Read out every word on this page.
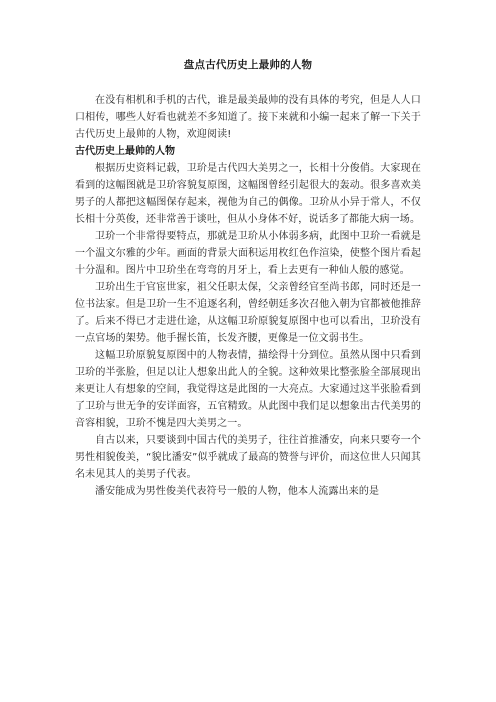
盘点古代历史上最帅的人物

在没有相机和手机的古代，谁是最美最帅的没有具体的考究，但是人人口口相传，哪些人好看也就差不多知道了。接下来就和小编一起来了解一下关于古代历史上最帅的人物，欢迎阅读!

古代历史上最帅的人物

根据历史资料记载，卫玠是古代四大美男之一，长相十分俊俏。大家现在看到的这幅图就是卫玠容貌复原图，这幅图曾经引起很大的轰动。很多喜欢美男子的人都把这幅图保存起来，视他为自己的偶像。卫玠从小异于常人，不仅长相十分英俊，还非常善于谈吐，但从小身体不好，说话多了都能大病一场。

卫玠一个非常得要特点，那就是卫玠从小体弱多病，此图中卫玠一看就是一个温文尔雅的少年。画面的背景大面积运用枚红色作渲染，使整个图片看起十分温和。图片中卫玠坐在弯弯的月牙上，看上去更有一种仙人般的感觉。

卫玠出生于官宦世家，祖父任职太保，父亲曾经官至尚书郎，同时还是一位书法家。但是卫玠一生不追逐名利，曾经朝廷多次召他入朝为官都被他推辞了。后来不得已才走进仕途，从这幅卫玠原貌复原图中也可以看出，卫玠没有一点官场的架势。他手握长笛，长发齐腰，更像是一位文弱书生。

这幅卫玠原貌复原图中的人物表情，描绘得十分到位。虽然从图中只看到卫玠的半张脸，但足以让人想象出此人的全貌。这种效果比整张脸全部展现出来更让人有想象的空间，我觉得这是此图的一大亮点。大家通过这半张脸看到了卫玠与世无争的安详面容，五官精致。从此图中我们足以想象出古代美男的音容相貌，卫玠不愧是四大美男之一。

自古以来，只要谈到中国古代的美男子，往往首推潘安，向来只要夸一个男性相貌俊美，“貌比潘安”似乎就成了最高的赞誉与评价，而这位世人只闻其名未见其人的美男子代表。

潘安能成为男性俊美代表符号一般的人物，他本人流露出来的是
